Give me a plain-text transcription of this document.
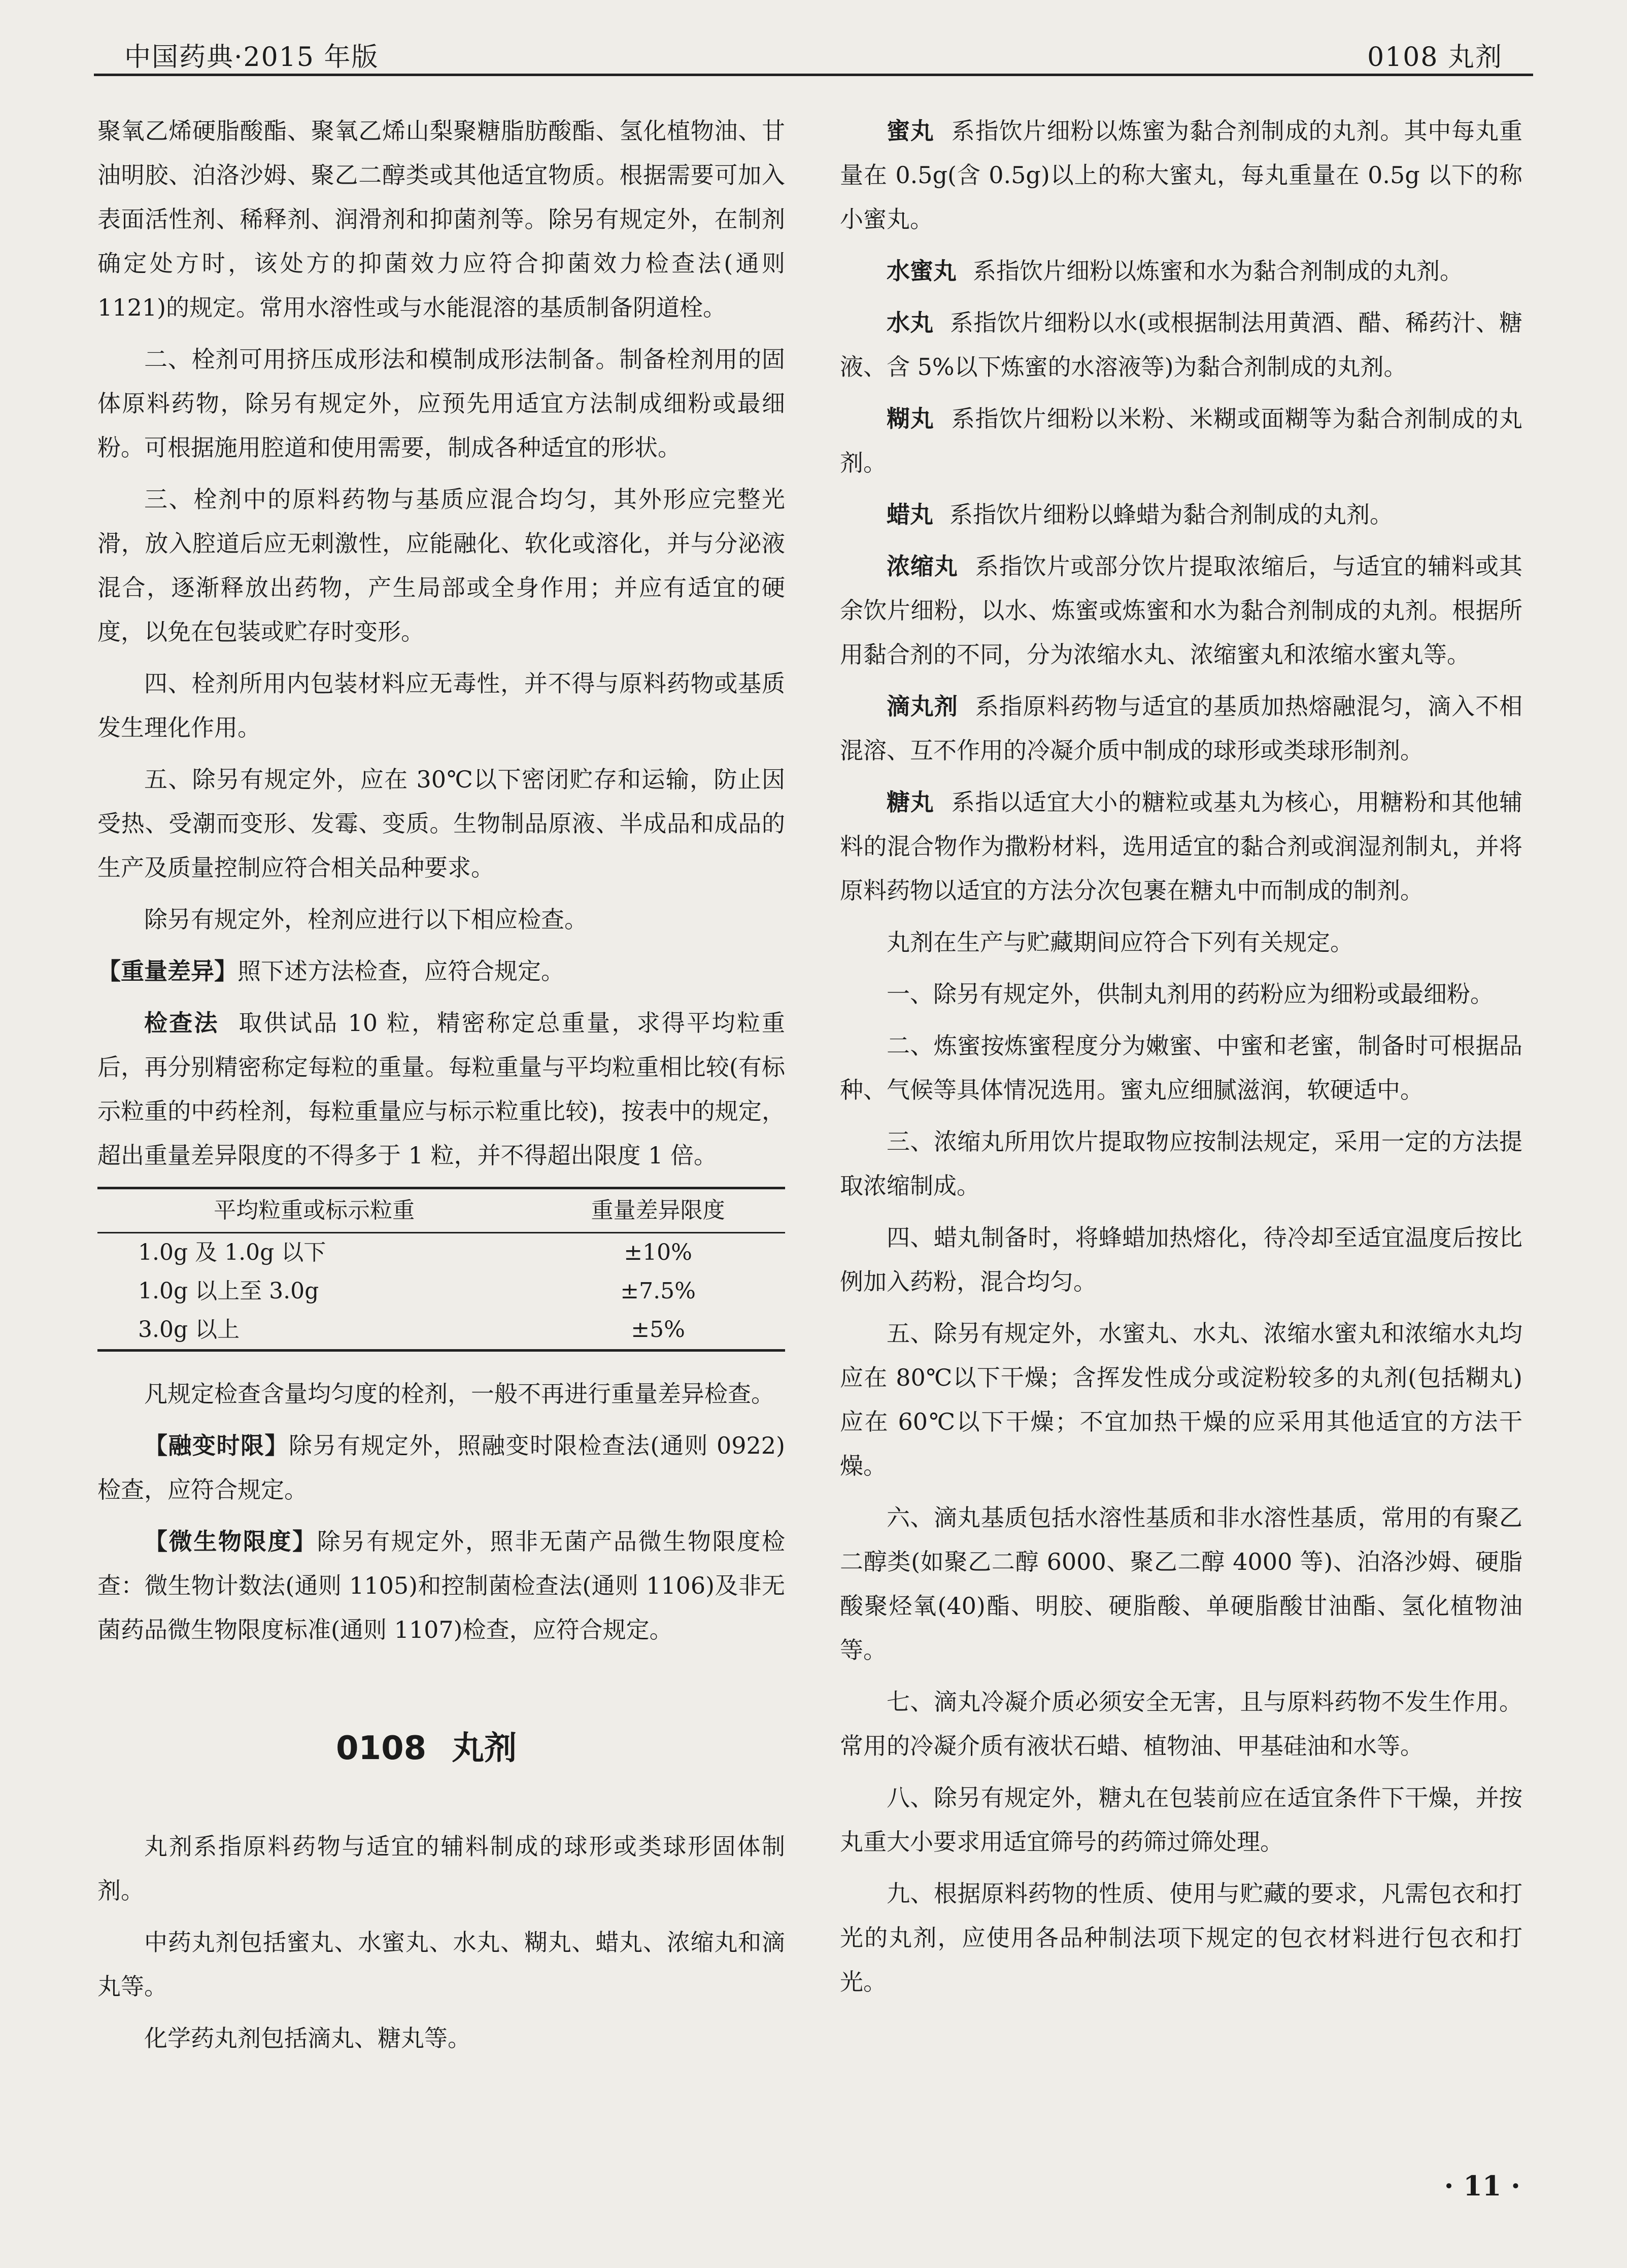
中国药典·2015 年版	0108 丸剂

聚氧乙烯硬脂酸酯、聚氧乙烯山梨聚糖脂肪酸酯、氢化植物油、甘油明胶、泊洛沙姆、聚乙二醇类或其他适宜物质。根据需要可加入表面活性剂、稀释剂、润滑剂和抑菌剂等。除另有规定外，在制剂确定处方时，该处方的抑菌效力应符合抑菌效力检查法(通则 1121)的规定。常用水溶性或与水能混溶的基质制备阴道栓。

二、栓剂可用挤压成形法和模制成形法制备。制备栓剂用的固体原料药物，除另有规定外，应预先用适宜方法制成细粉或最细粉。可根据施用腔道和使用需要，制成各种适宜的形状。

三、栓剂中的原料药物与基质应混合均匀，其外形应完整光滑，放入腔道后应无刺激性，应能融化、软化或溶化，并与分泌液混合，逐渐释放出药物，产生局部或全身作用；并应有适宜的硬度，以免在包装或贮存时变形。

四、栓剂所用内包装材料应无毒性，并不得与原料药物或基质发生理化作用。

五、除另有规定外，应在 30℃以下密闭贮存和运输，防止因受热、受潮而变形、发霉、变质。生物制品原液、半成品和成品的生产及质量控制应符合相关品种要求。

除另有规定外，栓剂应进行以下相应检查。

【重量差异】照下述方法检查，应符合规定。

检查法 取供试品 10 粒，精密称定总重量，求得平均粒重后，再分别精密称定每粒的重量。每粒重量与平均粒重相比较(有标示粒重的中药栓剂，每粒重量应与标示粒重比较)，按表中的规定，超出重量差异限度的不得多于 1 粒，并不得超出限度 1 倍。

平均粒重或标示粒重	重量差异限度
1.0g 及 1.0g 以下	±10%
1.0g 以上至 3.0g	±7.5%
3.0g 以上	±5%

凡规定检查含量均匀度的栓剂，一般不再进行重量差异检查。

【融变时限】除另有规定外，照融变时限检查法(通则 0922)检查，应符合规定。

【微生物限度】除另有规定外，照非无菌产品微生物限度检查：微生物计数法(通则 1105)和控制菌检查法(通则 1106)及非无菌药品微生物限度标准(通则 1107)检查，应符合规定。

0108 丸剂

丸剂系指原料药物与适宜的辅料制成的球形或类球形固体制剂。

中药丸剂包括蜜丸、水蜜丸、水丸、糊丸、蜡丸、浓缩丸和滴丸等。

化学药丸剂包括滴丸、糖丸等。

蜜丸 系指饮片细粉以炼蜜为黏合剂制成的丸剂。其中每丸重量在 0.5g(含 0.5g)以上的称大蜜丸，每丸重量在 0.5g 以下的称小蜜丸。

水蜜丸 系指饮片细粉以炼蜜和水为黏合剂制成的丸剂。

水丸 系指饮片细粉以水(或根据制法用黄酒、醋、稀药汁、糖液、含 5%以下炼蜜的水溶液等)为黏合剂制成的丸剂。

糊丸 系指饮片细粉以米粉、米糊或面糊等为黏合剂制成的丸剂。

蜡丸 系指饮片细粉以蜂蜡为黏合剂制成的丸剂。

浓缩丸 系指饮片或部分饮片提取浓缩后，与适宜的辅料或其余饮片细粉，以水、炼蜜或炼蜜和水为黏合剂制成的丸剂。根据所用黏合剂的不同，分为浓缩水丸、浓缩蜜丸和浓缩水蜜丸等。

滴丸剂 系指原料药物与适宜的基质加热熔融混匀，滴入不相混溶、互不作用的冷凝介质中制成的球形或类球形制剂。

糖丸 系指以适宜大小的糖粒或基丸为核心，用糖粉和其他辅料的混合物作为撒粉材料，选用适宜的黏合剂或润湿剂制丸，并将原料药物以适宜的方法分次包裹在糖丸中而制成的制剂。

丸剂在生产与贮藏期间应符合下列有关规定。

一、除另有规定外，供制丸剂用的药粉应为细粉或最细粉。

二、炼蜜按炼蜜程度分为嫩蜜、中蜜和老蜜，制备时可根据品种、气候等具体情况选用。蜜丸应细腻滋润，软硬适中。

三、浓缩丸所用饮片提取物应按制法规定，采用一定的方法提取浓缩制成。

四、蜡丸制备时，将蜂蜡加热熔化，待冷却至适宜温度后按比例加入药粉，混合均匀。

五、除另有规定外，水蜜丸、水丸、浓缩水蜜丸和浓缩水丸均应在 80℃以下干燥；含挥发性成分或淀粉较多的丸剂(包括糊丸)应在 60℃以下干燥；不宜加热干燥的应采用其他适宜的方法干燥。

六、滴丸基质包括水溶性基质和非水溶性基质，常用的有聚乙二醇类(如聚乙二醇 6000、聚乙二醇 4000 等)、泊洛沙姆、硬脂酸聚烃氧(40)酯、明胶、硬脂酸、单硬脂酸甘油酯、氢化植物油等。

七、滴丸冷凝介质必须安全无害，且与原料药物不发生作用。常用的冷凝介质有液状石蜡、植物油、甲基硅油和水等。

八、除另有规定外，糖丸在包装前应在适宜条件下干燥，并按丸重大小要求用适宜筛号的药筛过筛处理。

九、根据原料药物的性质、使用与贮藏的要求，凡需包衣和打光的丸剂，应使用各品种制法项下规定的包衣材料进行包衣和打光。

· 11 ·
